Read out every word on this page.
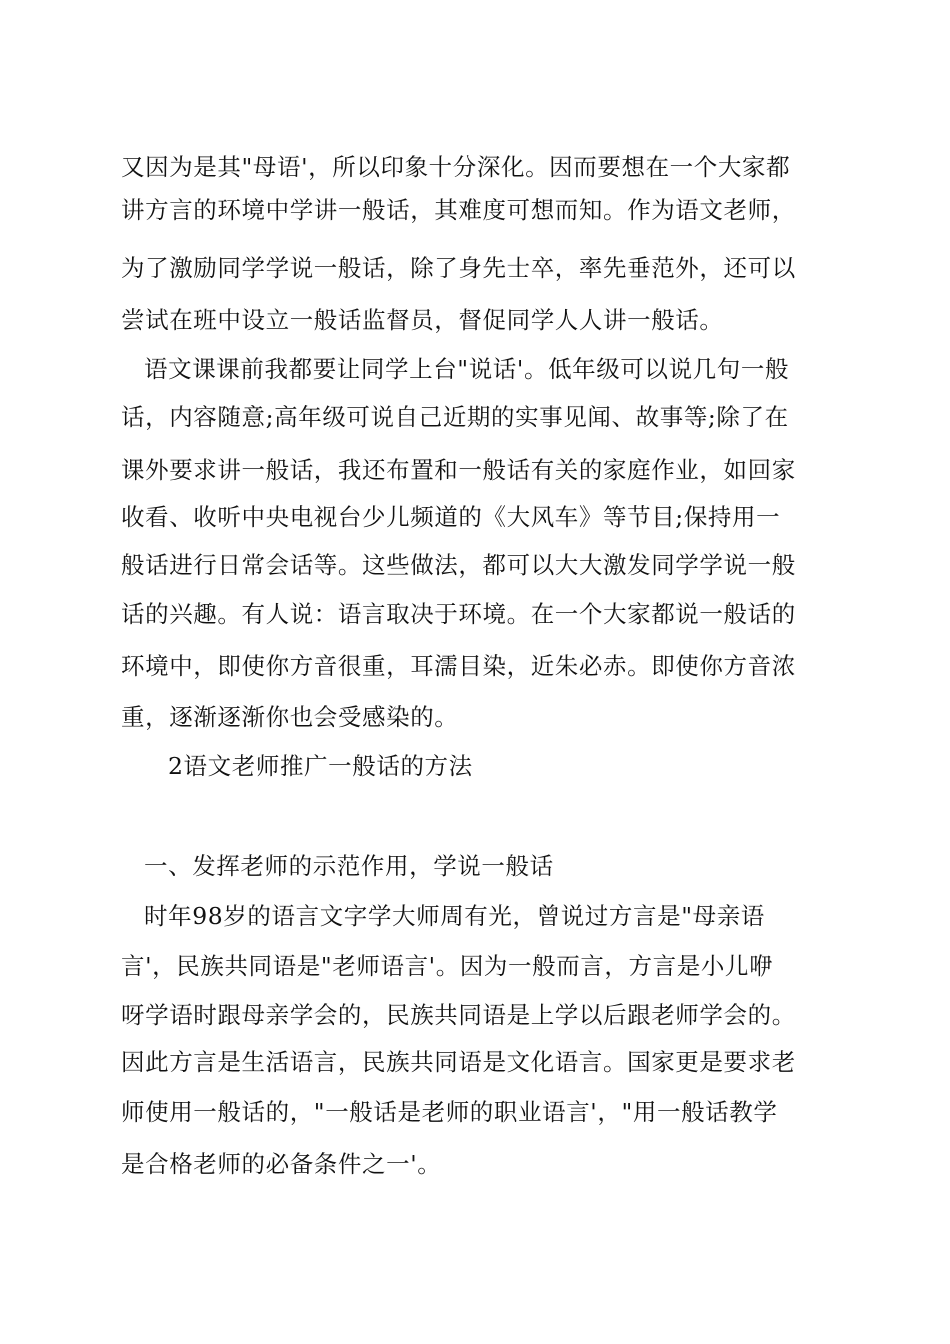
又因为是其"母语'，所以印象十分深化。因而要想在一个大家都
讲方言的环境中学讲一般话，其难度可想而知。作为语文老师，
为了激励同学学说一般话，除了身先士卒，率先垂范外，还可以
尝试在班中设立一般话监督员，督促同学人人讲一般话。
语文课课前我都要让同学上台"说话'。低年级可以说几句一般
话，内容随意;高年级可说自己近期的实事见闻、故事等;除了在
课外要求讲一般话，我还布置和一般话有关的家庭作业，如回家
收看、收听中央电视台少儿频道的《大风车》等节目;保持用一
般话进行日常会话等。这些做法，都可以大大激发同学学说一般
话的兴趣。有人说：语言取决于环境。在一个大家都说一般话的
环境中，即使你方音很重，耳濡目染，近朱必赤。即使你方音浓
重，逐渐逐渐你也会受感染的。
2语文老师推广一般话的方法
一、发挥老师的示范作用，学说一般话
时年98岁的语言文字学大师周有光，曾说过方言是"母亲语
言'，民族共同语是"老师语言'。因为一般而言，方言是小儿咿
呀学语时跟母亲学会的，民族共同语是上学以后跟老师学会的。
因此方言是生活语言，民族共同语是文化语言。国家更是要求老
师使用一般话的，"一般话是老师的职业语言'，"用一般话教学
是合格老师的必备条件之一'。
